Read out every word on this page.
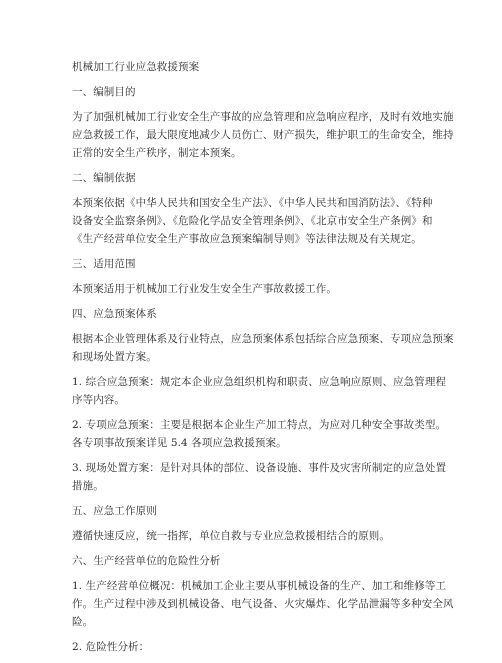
机械加工行业应急救援预案
一、编制目的
为了加强机械加工行业安全生产事故的应急管理和应急响应程序，及时有效地实施
应急救援工作，最大限度地减少人员伤亡、财产损失，维护职工的生命安全，维持
正常的安全生产秩序，制定本预案。
二、编制依据
本预案依据《中华人民共和国安全生产法》、《中华人民共和国消防法》、《特种
设备安全监察条例》、《危险化学品安全管理条例》、《北京市安全生产条例》和
《生产经营单位安全生产事故应急预案编制导则》等法律法规及有关规定。
三、适用范围
本预案适用于机械加工行业发生安全生产事故救援工作。
四、应急预案体系
根据本企业管理体系及行业特点，应急预案体系包括综合应急预案、专项应急预案
和现场处置方案。
1. 综合应急预案：规定本企业应急组织机构和职责、应急响应原则、应急管理程
序等内容。
2. 专项应急预案：主要是根据本企业生产加工特点，为应对几种安全事故类型。
各专项事故预案详见 5.4 各项应急救援预案。
3. 现场处置方案：是针对具体的部位、设备设施、事件及灾害所制定的应急处置
措施。
五、应急工作原则
遵循快速反应，统一指挥，单位自救与专业应急救援相结合的原则。
六、生产经营单位的危险性分析
1. 生产经营单位概况：机械加工企业主要从事机械设备的生产、加工和维修等工
作。生产过程中涉及到机械设备、电气设备、火灾爆炸、化学品泄漏等多种安全风
险。
2. 危险性分析：
